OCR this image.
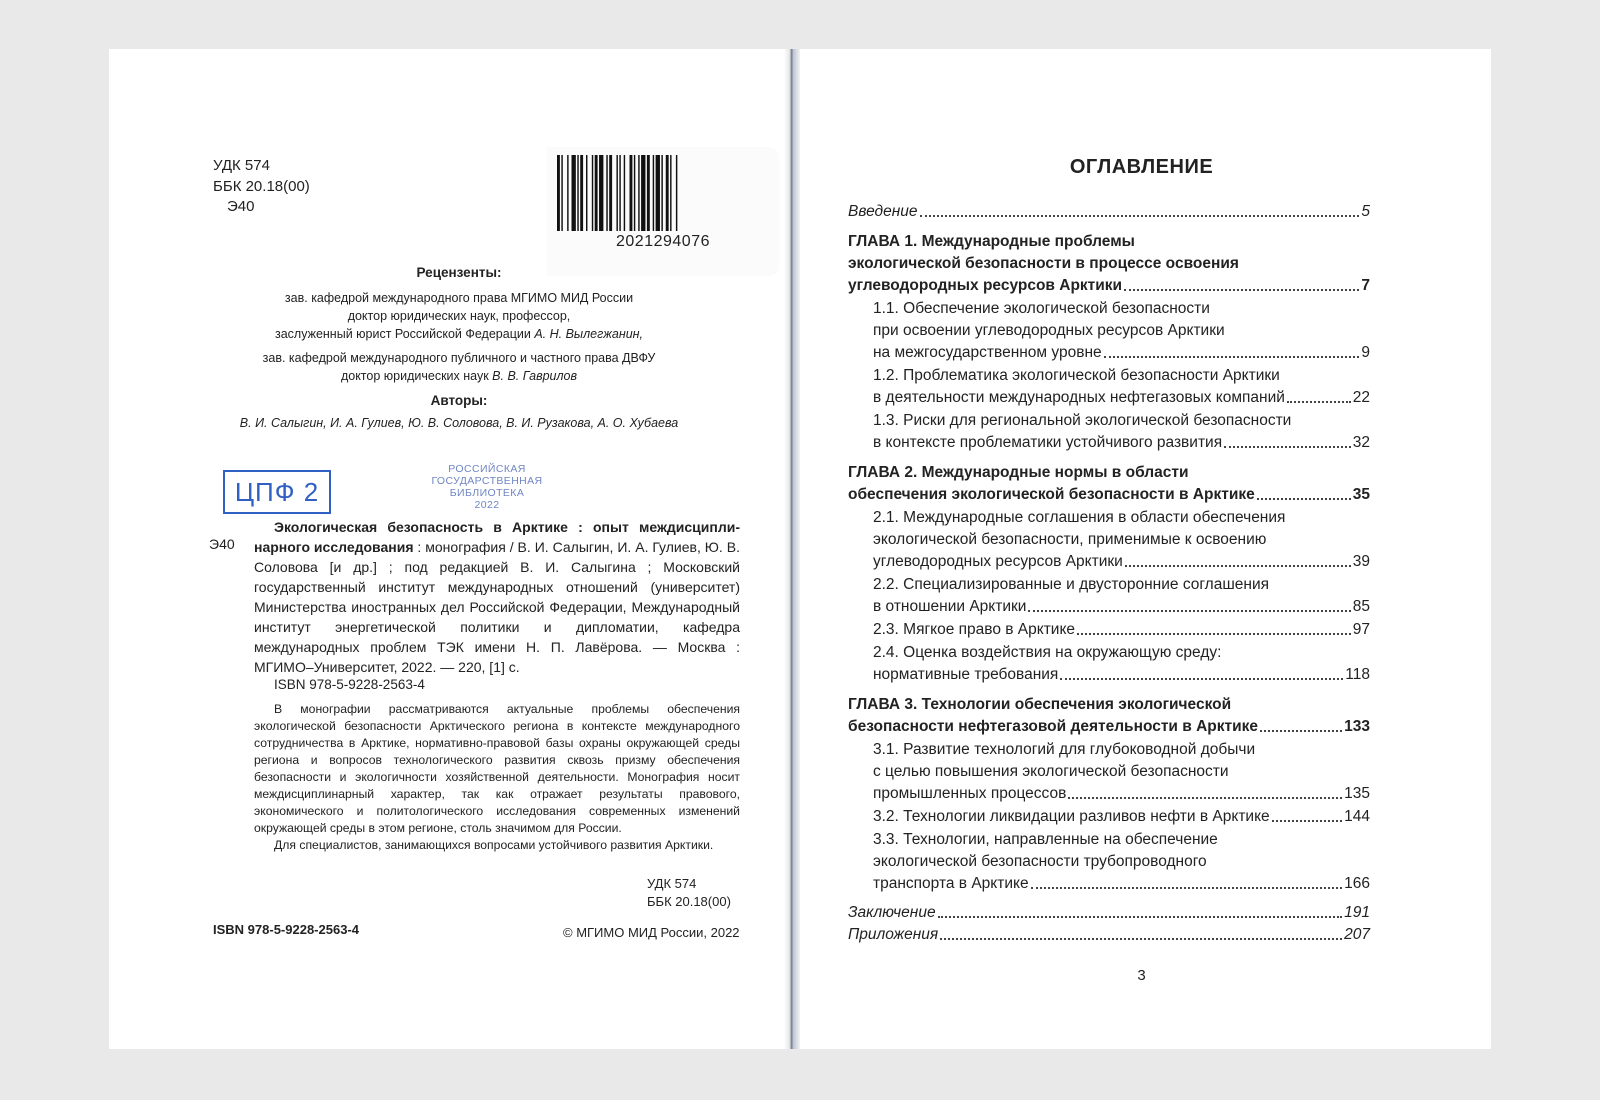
УДК 574
ББК 20.18(00)
Э40
2021294076
Рецензенты:
зав. кафедрой международного права МГИМО МИД России
доктор юридических наук, профессор,
заслуженный юрист Российской Федерации А. Н. Вылегжанин,
зав. кафедрой международного публичного и частного права ДВФУ
доктор юридических наук В. В. Гаврилов
Авторы:
В. И. Салыгин, И. А. Гулиев, Ю. В. Соловова, В. И. Рузакова, А. О. Хубаева
ЦПФ 2
РОССИЙСКАЯ
ГОСУДАРСТВЕННАЯ
БИБЛИОТЕКА
2022
Э40
Экологическая безопасность в Арктике : опыт междисципли-нарного исследования : монография / В. И. Салыгин, И. А. Гулиев, Ю. В. Соловова [и др.] ; под редакцией В. И. Салыгина ; Московский государственный институт международных отношений (университет) Министерства иностранных дел Российской Федерации, Международный институт энергетической политики и дипломатии, кафедра международных проблем ТЭК имени Н. П. Лавёрова. — Москва : МГИМО–Университет, 2022. — 220, [1] с.
ISBN 978-5-9228-2563-4

В монографии рассматриваются актуальные проблемы обеспечения экологической безопасности Арктического региона в контексте международного сотрудничества в Арктике, нормативно-правовой базы охраны окружающей среды региона и вопросов технологического развития сквозь призму обеспечения безопасности и экологичности хозяйственной деятельности. Монография носит междисциплинарный характер, так как отражает результаты правового, экономического и политологического исследования современных изменений окружающей среды в этом регионе, столь значимом для России.

Для специалистов, занимающихся вопросами устойчивого развития Арктики.

УДК 574
ББК 20.18(00)
ISBN 978-5-9228-2563-4	© МГИМО МИД России, 2022
ОГЛАВЛЕНИЕ
Введение	5
ГЛАВА 1. Международные проблемы
экологической безопасности в процессе освоения
углеводородных ресурсов Арктики	7
1.1. Обеспечение экологической безопасности
при освоении углеводородных ресурсов Арктики
на межгосударственном уровне	9
1.2. Проблематика экологической безопасности Арктики
в деятельности международных нефтегазовых компаний	22
1.3. Риски для региональной экологической безопасности
в контексте проблематики устойчивого развития	32
ГЛАВА 2. Международные нормы в области
обеспечения экологической безопасности в Арктике	35
2.1. Международные соглашения в области обеспечения
экологической безопасности, применимые к освоению
углеводородных ресурсов Арктики	39
2.2. Специализированные и двусторонние соглашения
в отношении Арктики	85
2.3. Мягкое право в Арктике	97
2.4. Оценка воздействия на окружающую среду:
нормативные требования	118
ГЛАВА 3. Технологии обеспечения экологической
безопасности нефтегазовой деятельности в Арктике	133
3.1. Развитие технологий для глубоководной добычи
с целью повышения экологической безопасности
промышленных процессов	135
3.2. Технологии ликвидации разливов нефти в Арктике	144
3.3. Технологии, направленные на обеспечение
экологической безопасности трубопроводного
транспорта в Арктике	166
Заключение	191
Приложения	207
3
